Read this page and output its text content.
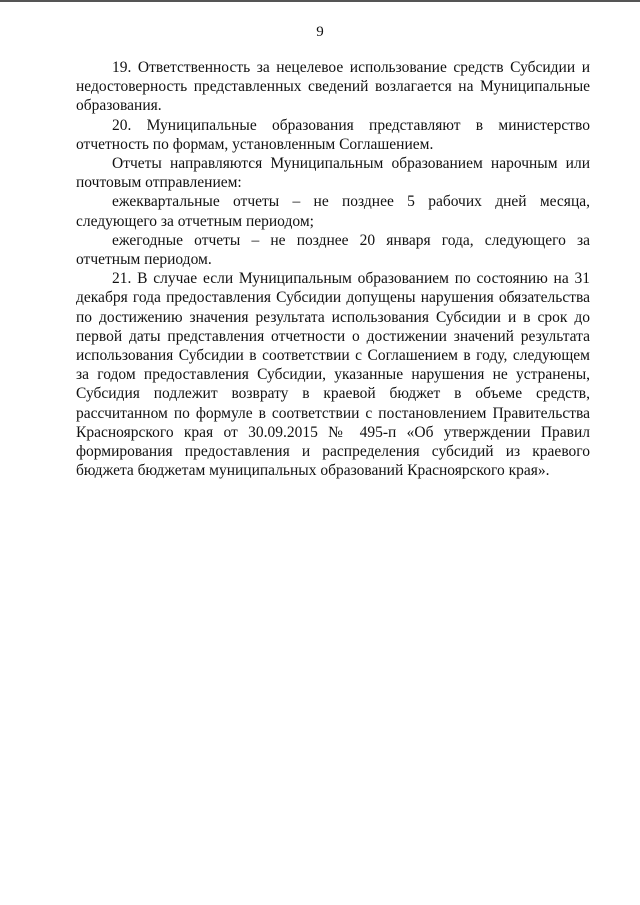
9

19. Ответственность за нецелевое использование средств Субсидии и недостоверность представленных сведений возлагается на Муниципальные образования.

20. Муниципальные образования представляют в министерство отчетность по формам, установленным Соглашением.

Отчеты направляются Муниципальным образованием нарочным или почтовым отправлением:

ежеквартальные отчеты – не позднее 5 рабочих дней месяца, следующего за отчетным периодом;

ежегодные отчеты – не позднее 20 января года, следующего за отчетным периодом.

21. В случае если Муниципальным образованием по состоянию на 31 декабря года предоставления Субсидии допущены нарушения обязательства по достижению значения результата использования Субсидии и в срок до первой даты представления отчетности о достижении значений результата использования Субсидии в соответствии с Соглашением в году, следующем за годом предоставления Субсидии, указанные нарушения не устранены, Субсидия подлежит возврату в краевой бюджет в объеме средств, рассчитанном по формуле в соответствии с постановлением Правительства Красноярского края от 30.09.2015 № 495-п «Об утверждении Правил формирования предоставления и распределения субсидий из краевого бюджета бюджетам муниципальных образований Красноярского края».
